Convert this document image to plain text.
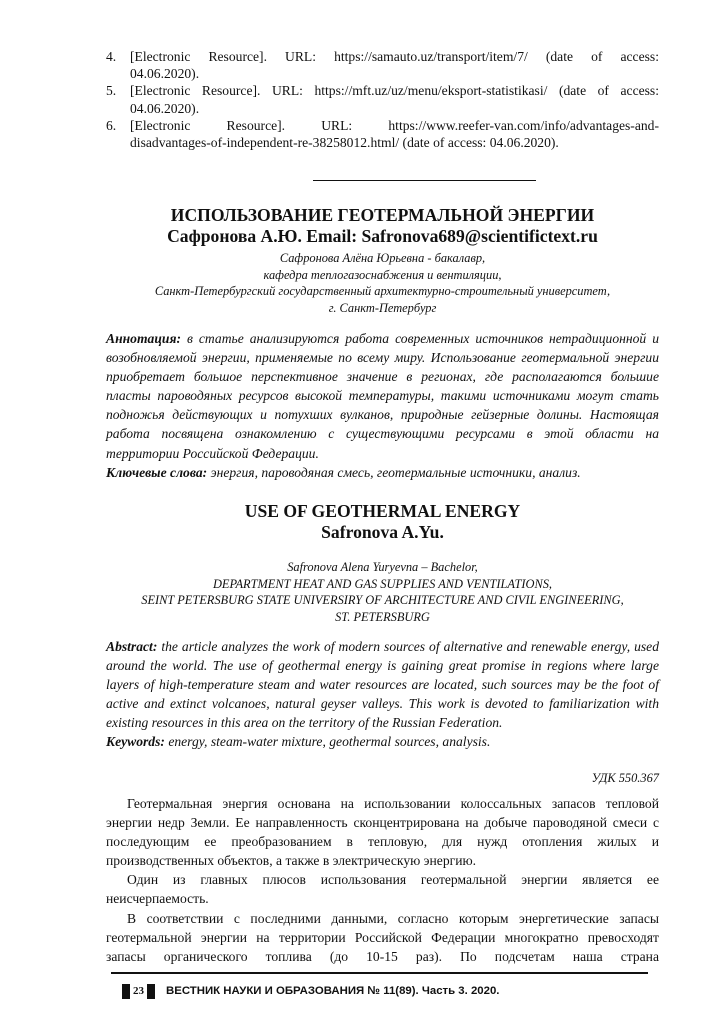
4. [Electronic Resource]. URL: https://samauto.uz/transport/item/7/ (date of access:
04.06.2020).
5. [Electronic Resource]. URL: https://mft.uz/uz/menu/eksport-statistikasi/ (date of access:
04.06.2020).
6. [Electronic Resource]. URL: https://www.reefer-van.com/info/advantages-and-
disadvantages-of-independent-re-38258012.html/ (date of access: 04.06.2020).
ИСПОЛЬЗОВАНИЕ ГЕОТЕРМАЛЬНОЙ ЭНЕРГИИ
Сафронова А.Ю. Email: Safronova689@scientifictext.ru
Сафронова Алёна Юрьевна - бакалавр,
кафедра теплогазоснабжения и вентиляции,
Санкт-Петербургский государственный архитектурно-строительный университет,
г. Санкт-Петербург
Аннотация: в статье анализируются работа современных источников нетрадиционной и возобновляемой энергии, применяемые по всему миру. Использование геотермальной энергии приобретает большое перспективное значение в регионах, где располагаются большие пласты пароводяных ресурсов высокой температуры, такими источниками могут стать подножья действующих и потухших вулканов, природные гейзерные долины. Настоящая работа посвящена ознакомлению с существующими ресурсами в этой области на территории Российской Федерации.
Ключевые слова: энергия, пароводяная смесь, геотермальные источники, анализ.
USE OF GEOTHERMAL ENERGY
Safronova A.Yu.
Safronova Alena Yuryevna – Bachelor,
DEPARTMENT HEAT AND GAS SUPPLIES AND VENTILATIONS,
SEINT PETERSBURG STATE UNIVERSIRY OF ARCHITECTURE AND CIVIL ENGINEERING,
ST. PETERSBURG
Abstract: the article analyzes the work of modern sources of alternative and renewable energy, used around the world. The use of geothermal energy is gaining great promise in regions where large layers of high-temperature steam and water resources are located, such sources may be the foot of active and extinct volcanoes, natural geyser valleys. This work is devoted to familiarization with existing resources in this area on the territory of the Russian Federation.
Keywords: energy, steam-water mixture, geothermal sources, analysis.
УДК 550.367

Геотермальная энергия основана на использовании колоссальных запасов тепловой энергии недр Земли. Ее направленность сконцентрирована на добыче пароводяной смеси с последующим ее преобразованием в тепловую, для нужд отопления жилых и производственных объектов, а также в электрическую энергию.

Один из главных плюсов использования геотермальной энергии является ее неисчерпаемость.

В соответствии с последними данными, согласно которым энергетические запасы геотермальной энергии на территории Российской Федерации многократно превосходят запасы органического топлива (до 10-15 раз). По подсчетам наша страна

23 ВЕСТНИК НАУКИ И ОБРАЗОВАНИЯ № 11(89). Часть 3. 2020.
